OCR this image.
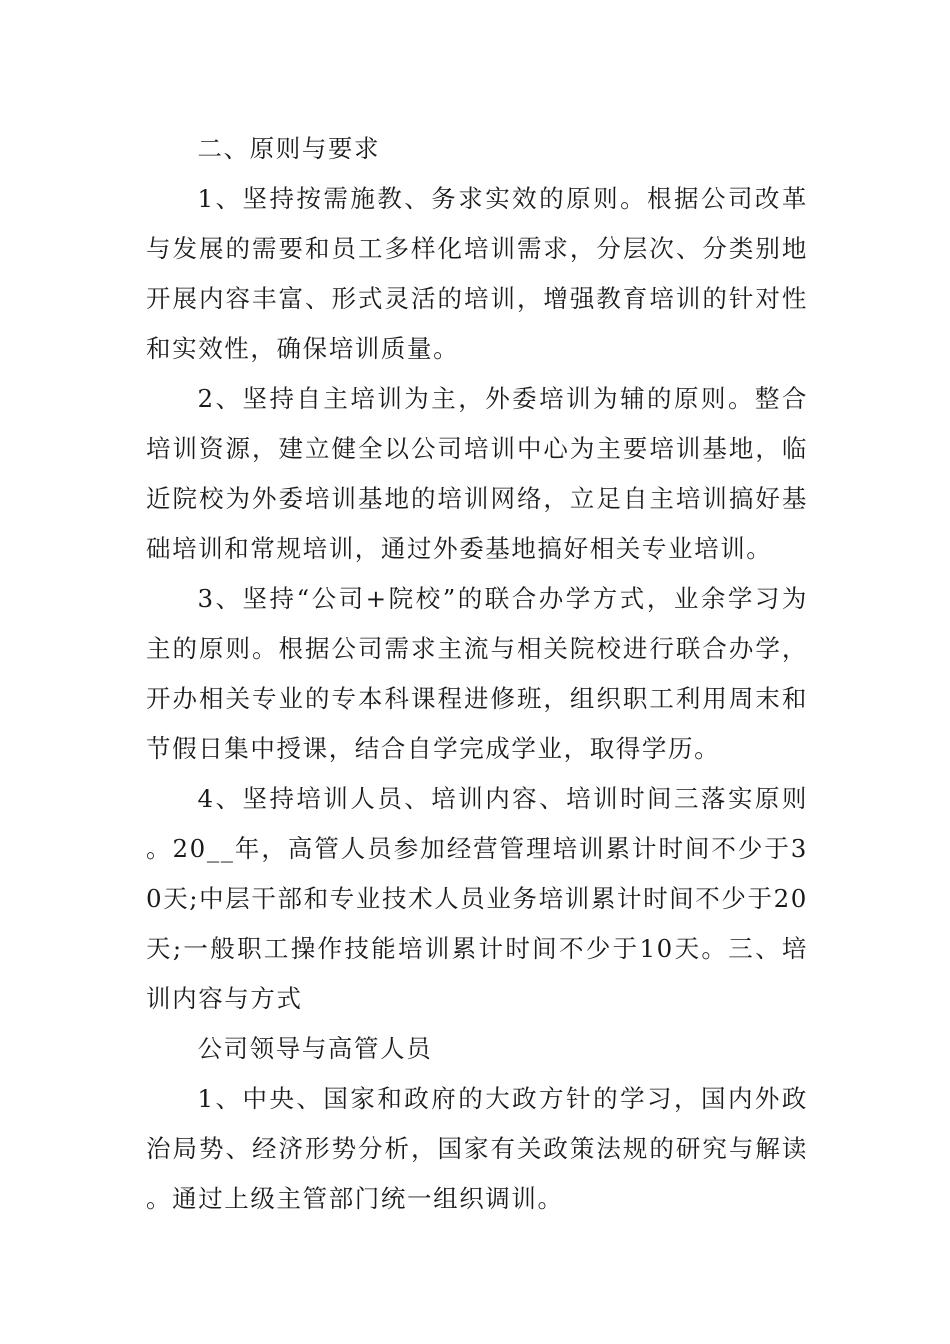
二、原则与要求

1、坚持按需施教、务求实效的原则。根据公司改革与发展的需要和员工多样化培训需求，分层次、分类别地开展内容丰富、形式灵活的培训，增强教育培训的针对性和实效性，确保培训质量。

2、坚持自主培训为主，外委培训为辅的原则。整合培训资源，建立健全以公司培训中心为主要培训基地，临近院校为外委培训基地的培训网络，立足自主培训搞好基础培训和常规培训，通过外委基地搞好相关专业培训。

3、坚持“公司+院校”的联合办学方式，业余学习为主的原则。根据公司需求主流与相关院校进行联合办学，开办相关专业的专本科课程进修班，组织职工利用周末和节假日集中授课，结合自学完成学业，取得学历。

4、坚持培训人员、培训内容、培训时间三落实原则。20__年，高管人员参加经营管理培训累计时间不少于30天;中层干部和专业技术人员业务培训累计时间不少于20天;一般职工操作技能培训累计时间不少于10天。三、培训内容与方式

公司领导与高管人员

1、中央、国家和政府的大政方针的学习，国内外政治局势、经济形势分析，国家有关政策法规的研究与解读。通过上级主管部门统一组织调训。
